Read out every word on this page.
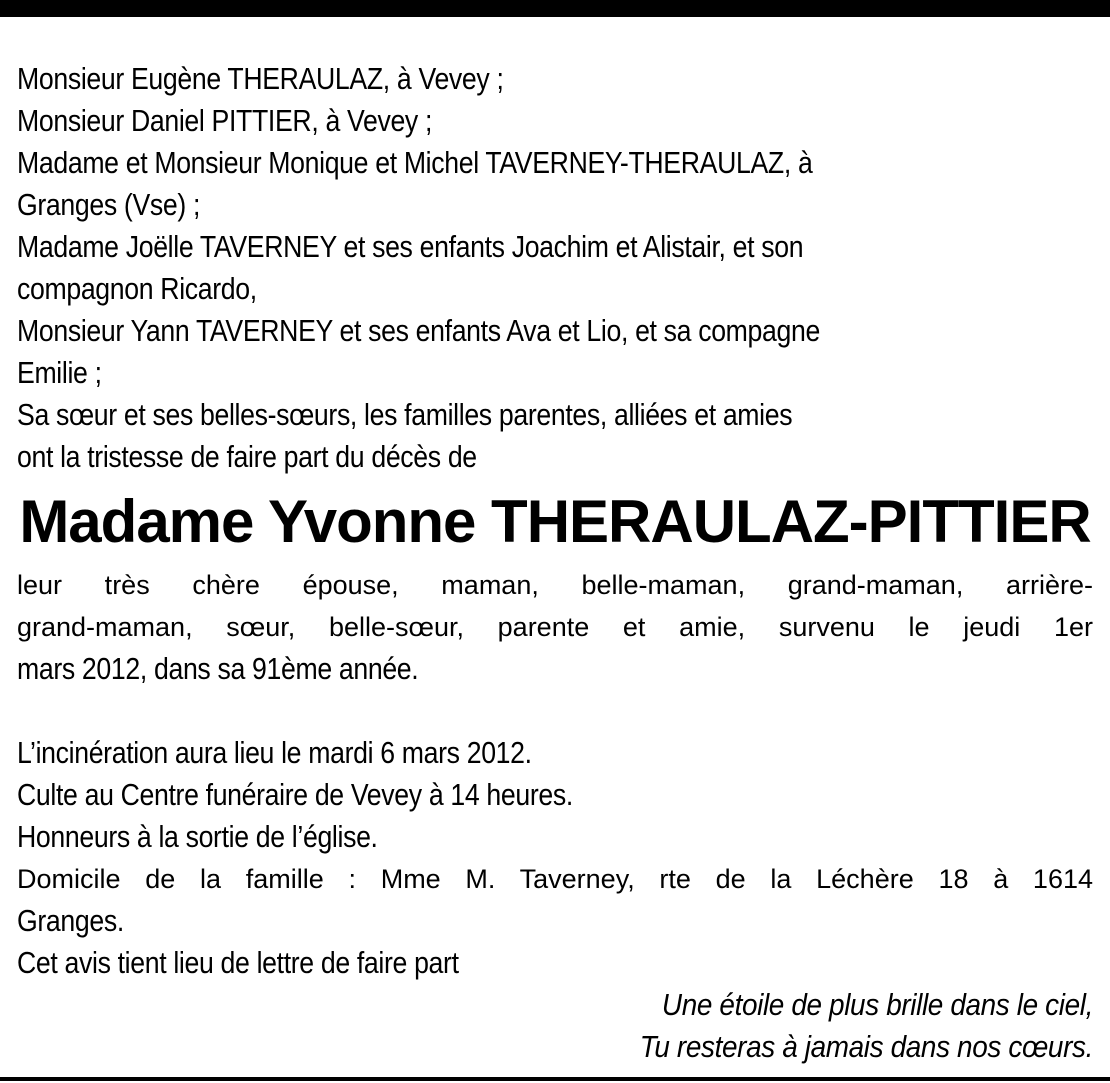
Monsieur Eugène THERAULAZ, à Vevey ;
Monsieur Daniel PITTIER, à Vevey ;
Madame et Monsieur Monique et Michel TAVERNEY-THERAULAZ, à
Granges (Vse) ;
Madame Joëlle TAVERNEY et ses enfants Joachim et Alistair, et son
compagnon Ricardo,
Monsieur Yann TAVERNEY et ses enfants Ava et Lio, et sa compagne
Emilie ;
Sa sœur et ses belles-sœurs, les familles parentes, alliées et amies
ont la tristesse de faire part du décès de
Madame Yvonne THERAULAZ-PITTIER
leur très chère épouse, maman, belle-maman, grand-maman, arrière-
grand-maman, sœur, belle-sœur, parente et amie, survenu le jeudi 1er
mars 2012, dans sa 91ème année.
L’incinération aura lieu le mardi 6 mars 2012.
Culte au Centre funéraire de Vevey à 14 heures.
Honneurs à la sortie de l’église.
Domicile de la famille : Mme M. Taverney, rte de la Léchère 18 à 1614
Granges.
Cet avis tient lieu de lettre de faire part
Une étoile de plus brille dans le ciel,
Tu resteras à jamais dans nos cœurs.
